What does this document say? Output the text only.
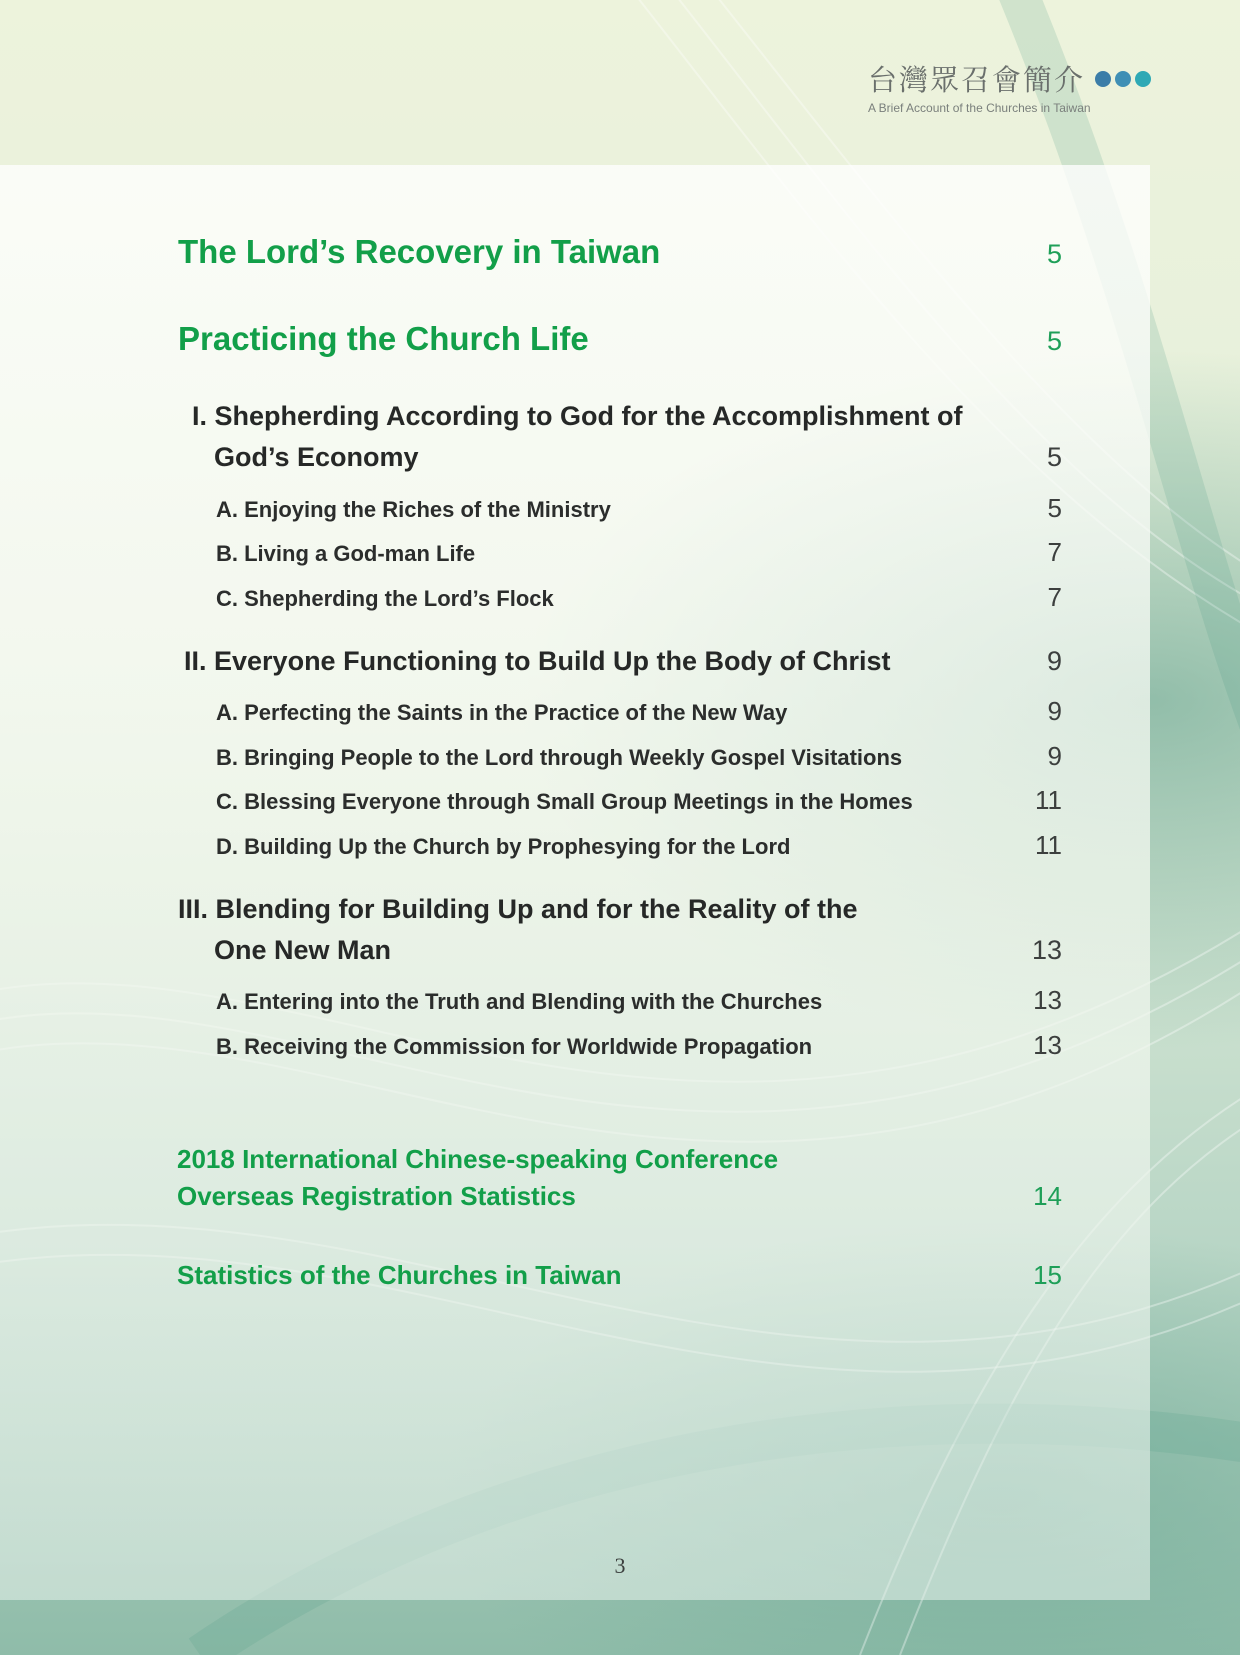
台灣眾召會簡介
A Brief Account of the Churches in Taiwan
The Lord’s Recovery in Taiwan	5
Practicing the Church Life	5
I. Shepherding According to God for the Accomplishment of
God’s Economy	5
A. Enjoying the Riches of the Ministry	5
B. Living a God-man Life	7
C. Shepherding the Lord’s Flock	7
II. Everyone Functioning to Build Up the Body of Christ	9
A. Perfecting the Saints in the Practice of the New Way	9
B. Bringing People to the Lord through Weekly Gospel Visitations	9
C. Blessing Everyone through Small Group Meetings in the Homes	11
D. Building Up the Church by Prophesying for the Lord	11
III. Blending for Building Up and for the Reality of the
One New Man	13
A. Entering into the Truth and Blending with the Churches	13
B. Receiving the Commission for Worldwide Propagation	13
2018 International Chinese-speaking Conference
Overseas Registration Statistics	14
Statistics of the Churches in Taiwan	15
3
